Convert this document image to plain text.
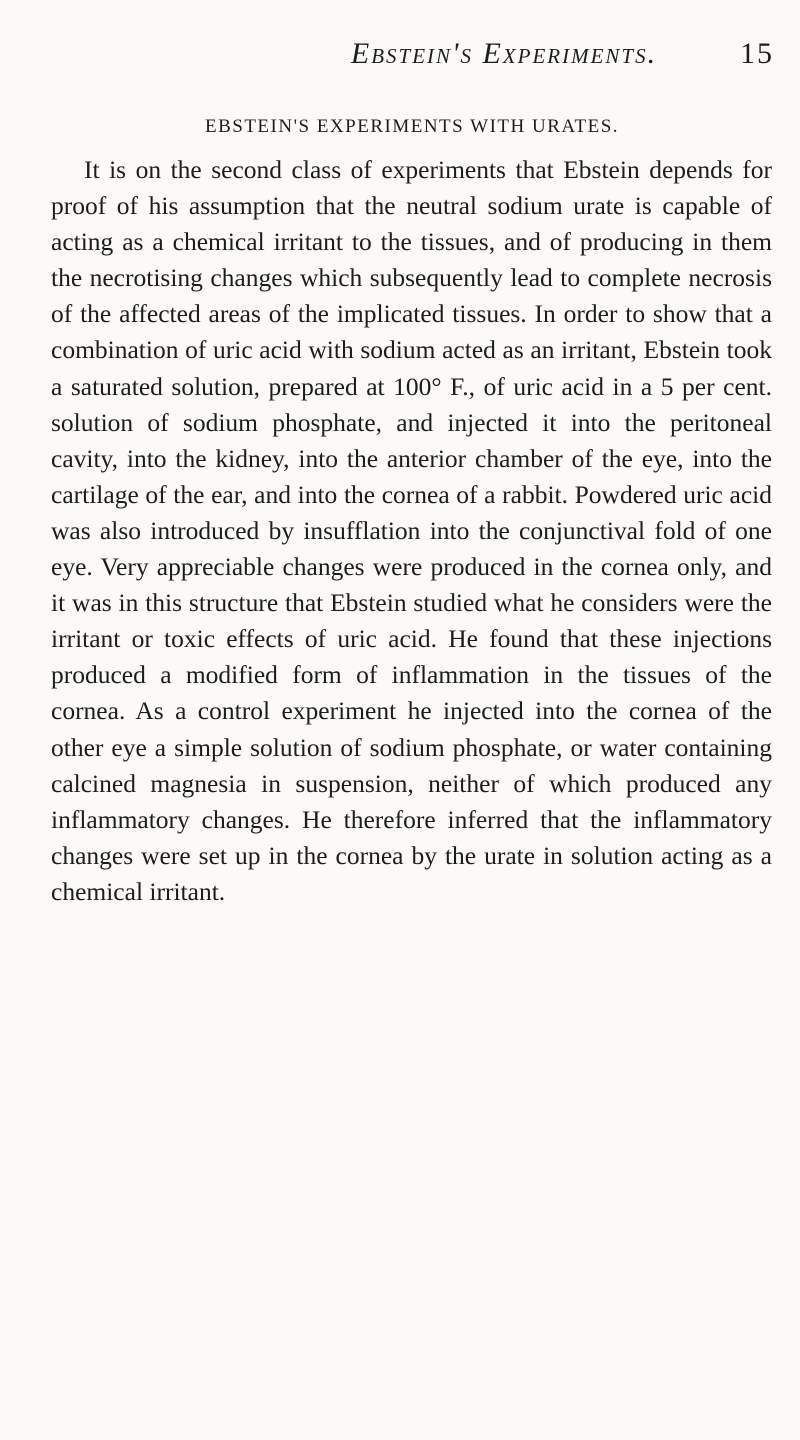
Ebstein's Experiments.	15
EBSTEIN'S EXPERIMENTS WITH URATES.

It is on the second class of experiments that Ebstein depends for proof of his assumption that the neutral sodium urate is capable of acting as a chemical irritant to the tissues, and of producing in them the necrotising changes which subsequently lead to complete necrosis of the affected areas of the implicated tissues. In order to show that a combination of uric acid with sodium acted as an irritant, Ebstein took a saturated solution, prepared at 100° F., of uric acid in a 5 per cent. solution of sodium phosphate, and injected it into the peritoneal cavity, into the kidney, into the anterior chamber of the eye, into the cartilage of the ear, and into the cornea of a rabbit. Powdered uric acid was also introduced by insufflation into the conjunctival fold of one eye. Very appreciable changes were produced in the cornea only, and it was in this structure that Ebstein studied what he considers were the irritant or toxic effects of uric acid. He found that these injections produced a modified form of inflammation in the tissues of the cornea. As a control experiment he injected into the cornea of the other eye a simple solution of sodium phosphate, or water containing calcined magnesia in suspension, neither of which produced any inflammatory changes. He therefore inferred that the inflammatory changes were set up in the cornea by the urate in solution acting as a chemical irritant.
